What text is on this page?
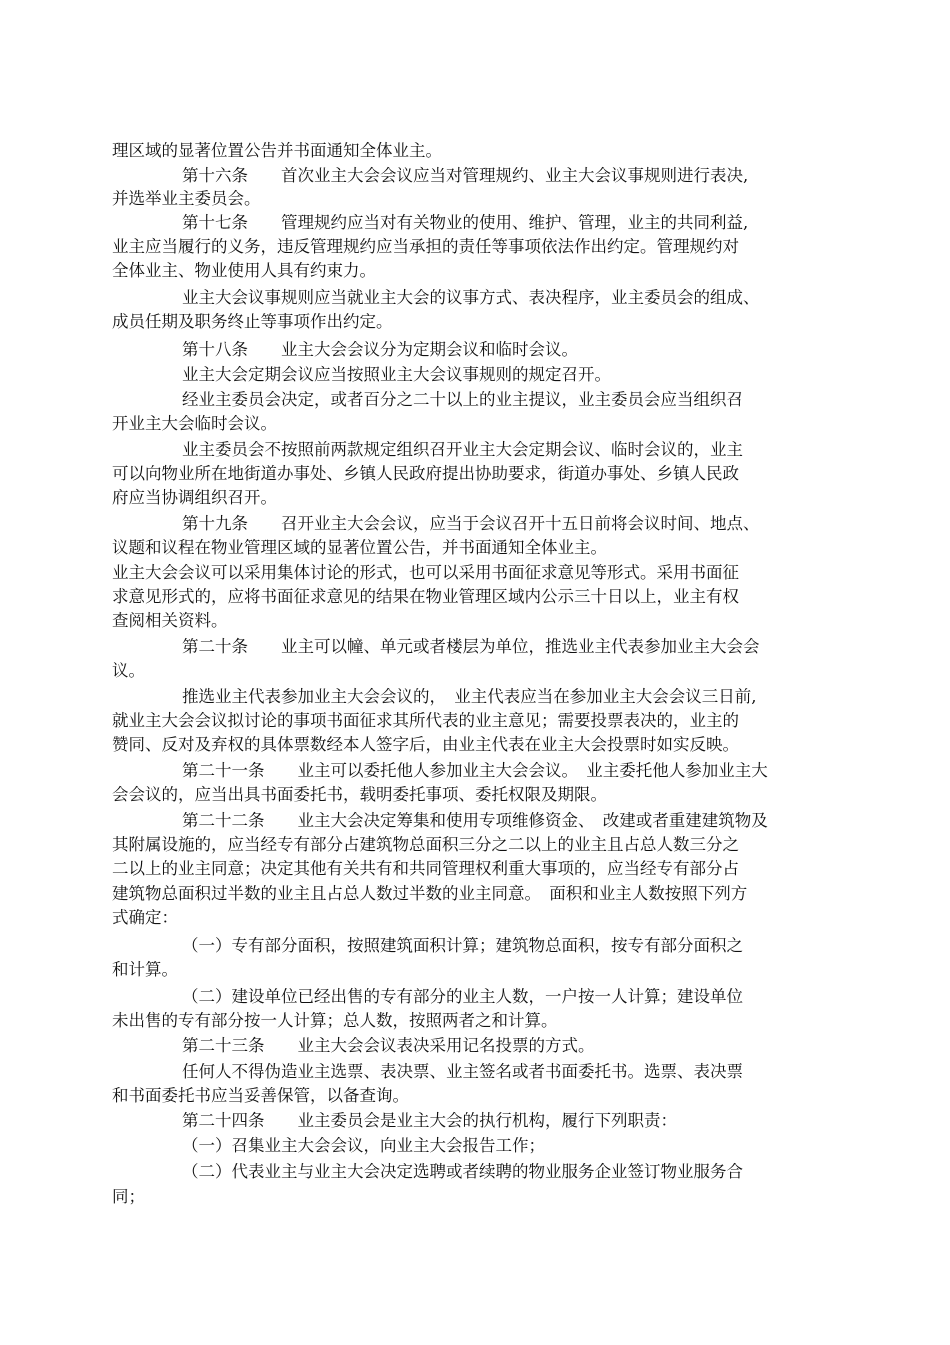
理区域的显著位置公告并书面通知全体业主。
第十六条　　首次业主大会会议应当对管理规约、业主大会议事规则进行表决,
并选举业主委员会。
第十七条　　管理规约应当对有关物业的使用、维护、管理，业主的共同利益,
业主应当履行的义务，违反管理规约应当承担的责任等事项依法作出约定。管理规约对
全体业主、物业使用人具有约束力。
业主大会议事规则应当就业主大会的议事方式、表决程序，业主委员会的组成、
成员任期及职务终止等事项作出约定。
第十八条　　业主大会会议分为定期会议和临时会议。
业主大会定期会议应当按照业主大会议事规则的规定召开。
经业主委员会决定，或者百分之二十以上的业主提议，业主委员会应当组织召
开业主大会临时会议。
业主委员会不按照前两款规定组织召开业主大会定期会议、临时会议的，业主
可以向物业所在地街道办事处、乡镇人民政府提出协助要求，街道办事处、乡镇人民政
府应当协调组织召开。
第十九条　　召开业主大会会议，应当于会议召开十五日前将会议时间、地点、
议题和议程在物业管理区域的显著位置公告，并书面通知全体业主。
业主大会会议可以采用集体讨论的形式，也可以采用书面征求意见等形式。采用书面征
求意见形式的，应将书面征求意见的结果在物业管理区域内公示三十日以上，业主有权
查阅相关资料。
第二十条　　业主可以幢、单元或者楼层为单位，推选业主代表参加业主大会会
议。
推选业主代表参加业主大会会议的，　业主代表应当在参加业主大会会议三日前,
就业主大会会议拟讨论的事项书面征求其所代表的业主意见；需要投票表决的，业主的
赞同、反对及弃权的具体票数经本人签字后，由业主代表在业主大会投票时如实反映。
第二十一条　　业主可以委托他人参加业主大会会议。　业主委托他人参加业主大
会会议的，应当出具书面委托书，载明委托事项、委托权限及期限。
第二十二条　　业主大会决定筹集和使用专项维修资金、　改建或者重建建筑物及
其附属设施的，应当经专有部分占建筑物总面积三分之二以上的业主且占总人数三分之
二以上的业主同意；决定其他有关共有和共同管理权利重大事项的，应当经专有部分占
建筑物总面积过半数的业主且占总人数过半数的业主同意。　面积和业主人数按照下列方
式确定：
（一）专有部分面积，按照建筑面积计算；建筑物总面积，按专有部分面积之
和计算。
（二）建设单位已经出售的专有部分的业主人数，一户按一人计算；建设单位
未出售的专有部分按一人计算；总人数，按照两者之和计算。
第二十三条　　业主大会会议表决采用记名投票的方式。
任何人不得伪造业主选票、表决票、业主签名或者书面委托书。选票、表决票
和书面委托书应当妥善保管，以备查询。
第二十四条　　业主委员会是业主大会的执行机构，履行下列职责：
（一）召集业主大会会议，向业主大会报告工作；
（二）代表业主与业主大会决定选聘或者续聘的物业服务企业签订物业服务合
同；
